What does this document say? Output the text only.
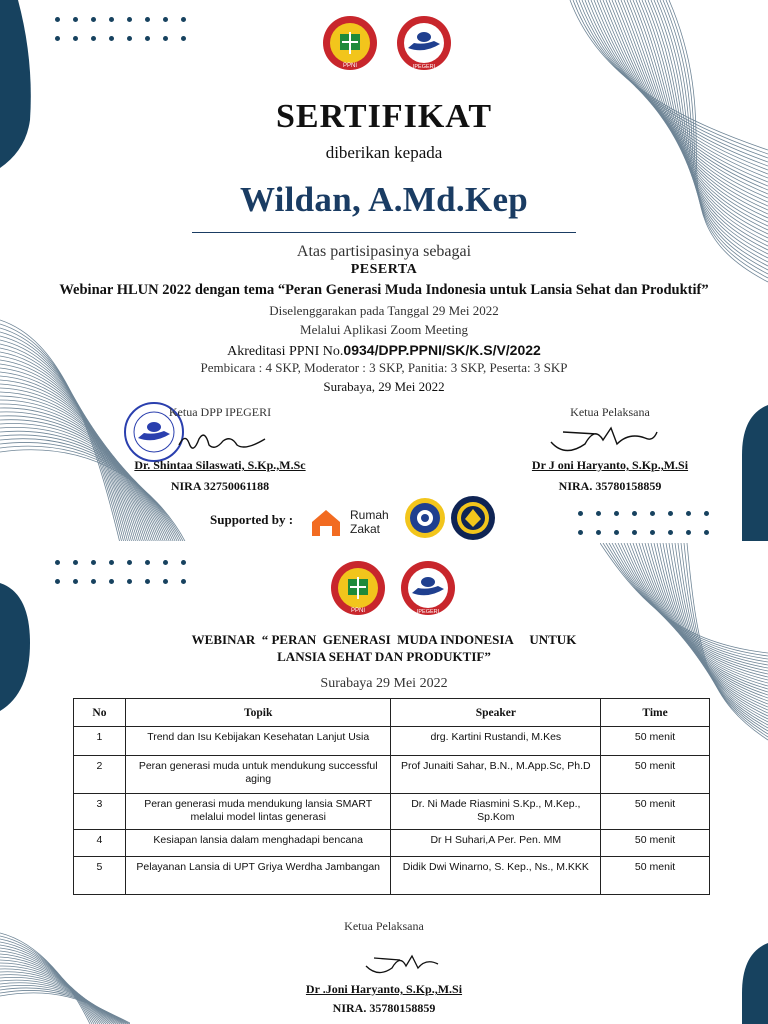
PPNI	IPEGERI
SERTIFIKAT
diberikan kepada
Wildan, A.Md.Kep
Atas partisipasinya sebagai
PESERTA
Webinar HLUN 2022 dengan tema “Peran Generasi Muda Indonesia untuk Lansia Sehat dan Produktif”
Diselenggarakan pada Tanggal 29 Mei 2022
Melalui Aplikasi Zoom Meeting
Akreditasi PPNI No.0934/DPP.PPNI/SK/K.S/V/2022
Pembicara : 4 SKP, Moderator : 3 SKP, Panitia: 3 SKP, Peserta: 3 SKP
Surabaya, 29 Mei 2022
Ketua DPP IPEGERI
Dr. Shintaa Silaswati, S.Kp.,M.Sc
NIRA 32750061188
Ketua Pelaksana
Dr J oni Haryanto, S.Kp.,M.Si
NIRA. 35780158859
Supported by :	Rumah
Zakat
PPNI	IPEGERI
WEBINAR  “ PERAN  GENERASI  MUDA INDONESIA     UNTUK
LANSIA SEHAT DAN PRODUKTIF”
Surabaya 29 Mei 2022
No	Topik	Speaker	Time
1	Trend dan Isu Kebijakan Kesehatan Lanjut Usia	drg. Kartini Rustandi, M.Kes	50 menit
2	Peran generasi muda untuk mendukung successful aging	Prof Junaiti Sahar, B.N., M.App.Sc, Ph.D	50 menit
3	Peran generasi muda mendukung lansia SMART melalui model lintas generasi	Dr. Ni Made Riasmini S.Kp., M.Kep., Sp.Kom	50 menit
4	Kesiapan lansia dalam menghadapi bencana	Dr H Suhari,A Per. Pen. MM	50 menit
5	Pelayanan Lansia di UPT Griya Werdha Jambangan	Didik Dwi Winarno, S. Kep., Ns., M.KKK	50 menit
Ketua Pelaksana
Dr .Joni Haryanto, S.Kp.,M.Si
NIRA. 35780158859
